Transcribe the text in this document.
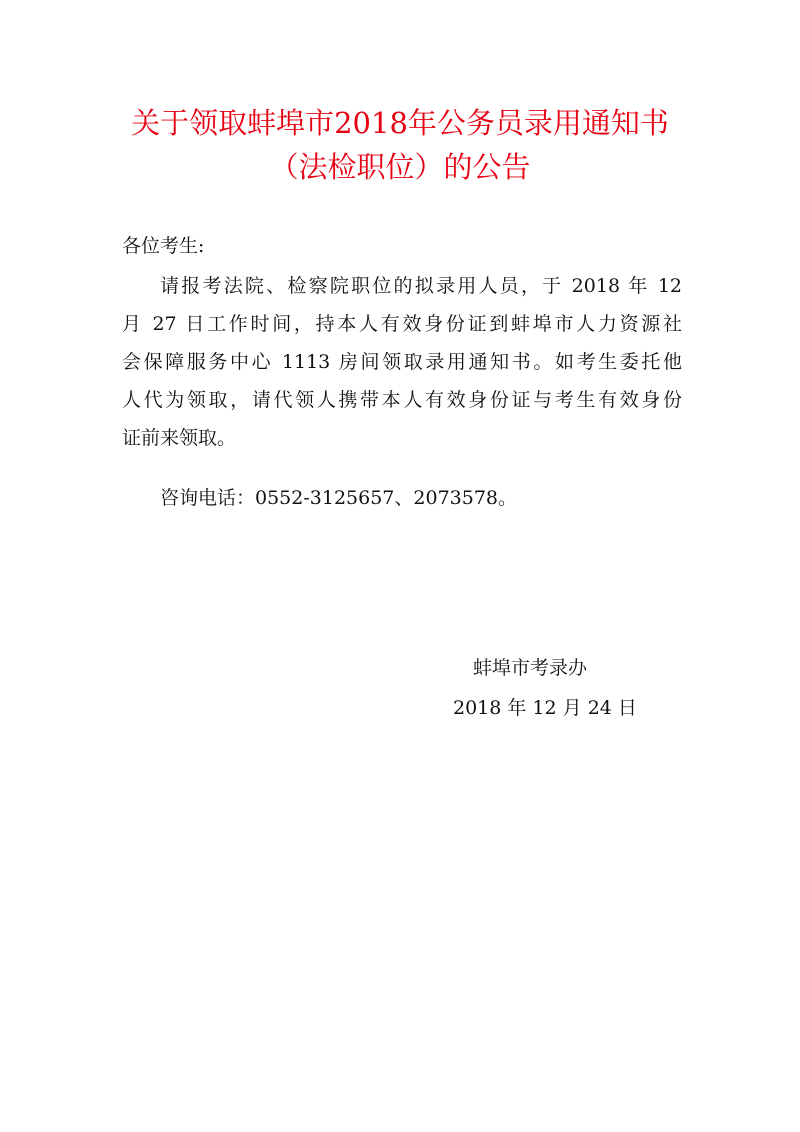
关于领取蚌埠市2018年公务员录用通知书
（法检职位）的公告
各位考生:
请报考法院、检察院职位的拟录用人员，于 2018 年 12
月 27 日工作时间，持本人有效身份证到蚌埠市人力资源社
会保障服务中心 1113 房间领取录用通知书。如考生委托他
人代为领取，请代领人携带本人有效身份证与考生有效身份
证前来领取。
咨询电话：0552-3125657、2073578。
蚌埠市考录办
2018 年 12 月 24 日
